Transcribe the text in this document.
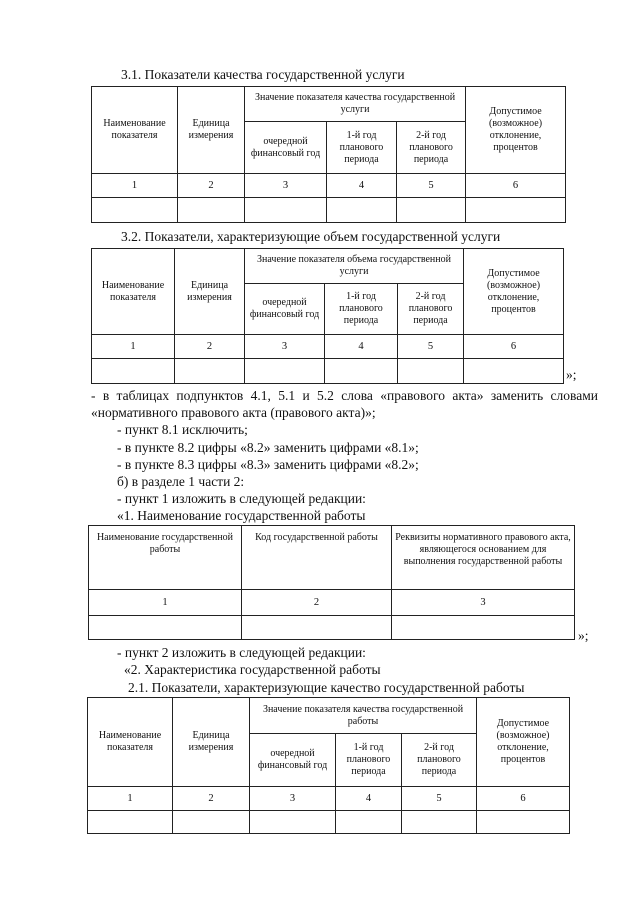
3.1. Показатели качества государственной услуги
Наименование показателя	Единица измерения	Значение показателя качества государственной услуги			Допустимое (возможное) отклонение, процентов
		очередной финансовый год	1-й год планового периода	2-й год планового периода	
1	2	3	4	5	6

3.2. Показатели, характеризующие объем государственной услуги
Наименование показателя	Единица измерения	Значение показателя объема государственной услуги			Допустимое (возможное) отклонение, процентов
		очередной финансовый год	1-й год планового периода	2-й год планового периода	
1	2	3	4	5	6

»;
- в таблицах подпунктов 4.1, 5.1 и 5.2 слова «правового акта» заменить словами «нормативного правового акта (правового акта)»;
- пункт 8.1 исключить;
- в пункте 8.2 цифры «8.2» заменить цифрами «8.1»;
- в пункте 8.3 цифры «8.3» заменить цифрами «8.2»;
б) в разделе 1 части 2:
- пункт 1 изложить в следующей редакции:
«1. Наименование государственной работы
Наименование государственной работы	Код государственной работы	Реквизиты нормативного правового акта, являющегося основанием для выполнения государственной работы
1	2	3

»;
- пункт 2 изложить в следующей редакции:
«2. Характеристика государственной работы
2.1. Показатели, характеризующие качество государственной работы
Наименование показателя	Единица измерения	Значение показателя качества государственной работы			Допустимое (возможное) отклонение, процентов
		очередной финансовый год	1-й год планового периода	2-й год планового периода	
1	2	3	4	5	6
